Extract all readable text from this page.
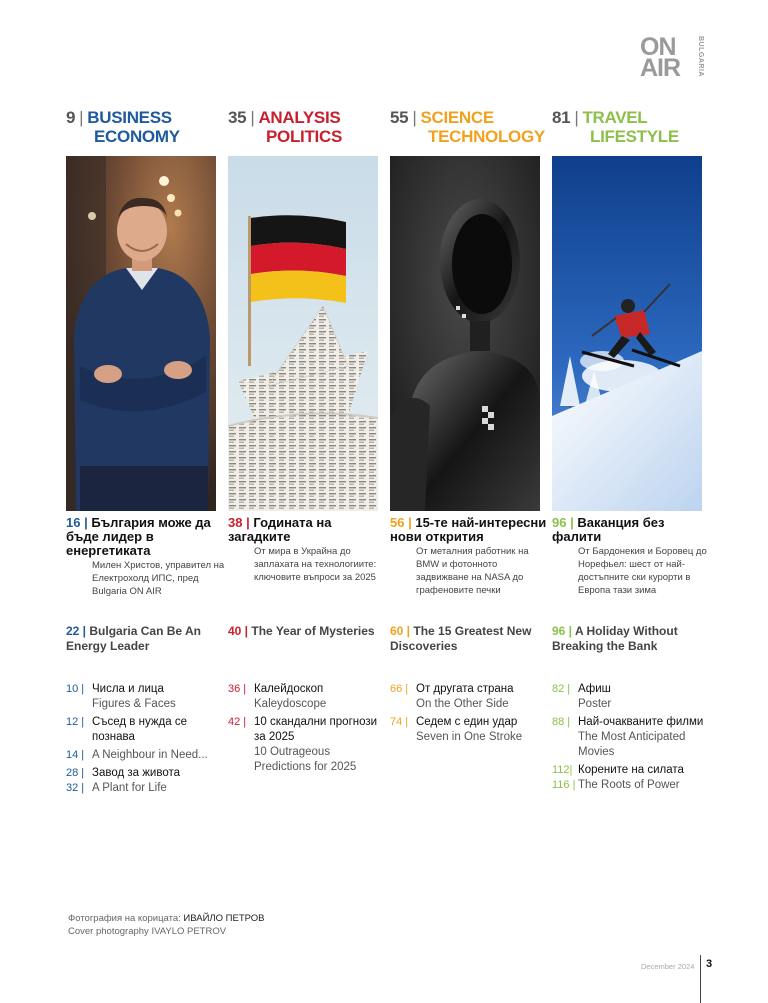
ON
AIR BULGARIA
9 | BUSINESS
ECONOMY
35 | ANALYSIS
POLITICS
55 | SCIENCE
TECHNOLOGY
81 | TRAVEL
LIFESTYLE
16 | България може да бъде лидер в енергетиката
Милен Христов, управител на Електрохолд ИПС, пред Bulgaria ON AIR
38 | Годината на загадките
От мира в Украйна до заплахата на технологиите: ключовите въпроси за 2025
56 | 15-те най-интересни нови открития
От металния работник на BMW и фотонното задвижване на NASA до графеновите печки
96 | Ваканция без фалити
От Бардонекия и Боровец до Норефьел: шест от най-достъпните ски курорти в Европа тази зима
22 | Bulgaria Can Be An Energy Leader
40 | The Year of Mysteries	60 | The 15 Greatest New Discoveries
96 | A Holiday Without Breaking the Bank
10 | Числа и лица
Figures & Faces
12 | Съсед в нужда се познава
14 | A Neighbour in Need...
28 | Завод за живота
32 | A Plant for Life
36 | Калейдоскоп
Kaleydoscope
42 | 10 скандални прогнози за 2025
10 Outrageous Predictions for 2025
66 | От другата страна
On the Other Side
74 | Седем с един удар
Seven in One Stroke
82 | Афиш
Poster
88 | Най-очакваните филми
The Most Anticipated Movies
112| Корените на силата
116 | The Roots of Power
Фотография на корицата: ИВАЙЛО ПЕТРОВ
Cover photography IVAYLO PETROV
December 2024 3
